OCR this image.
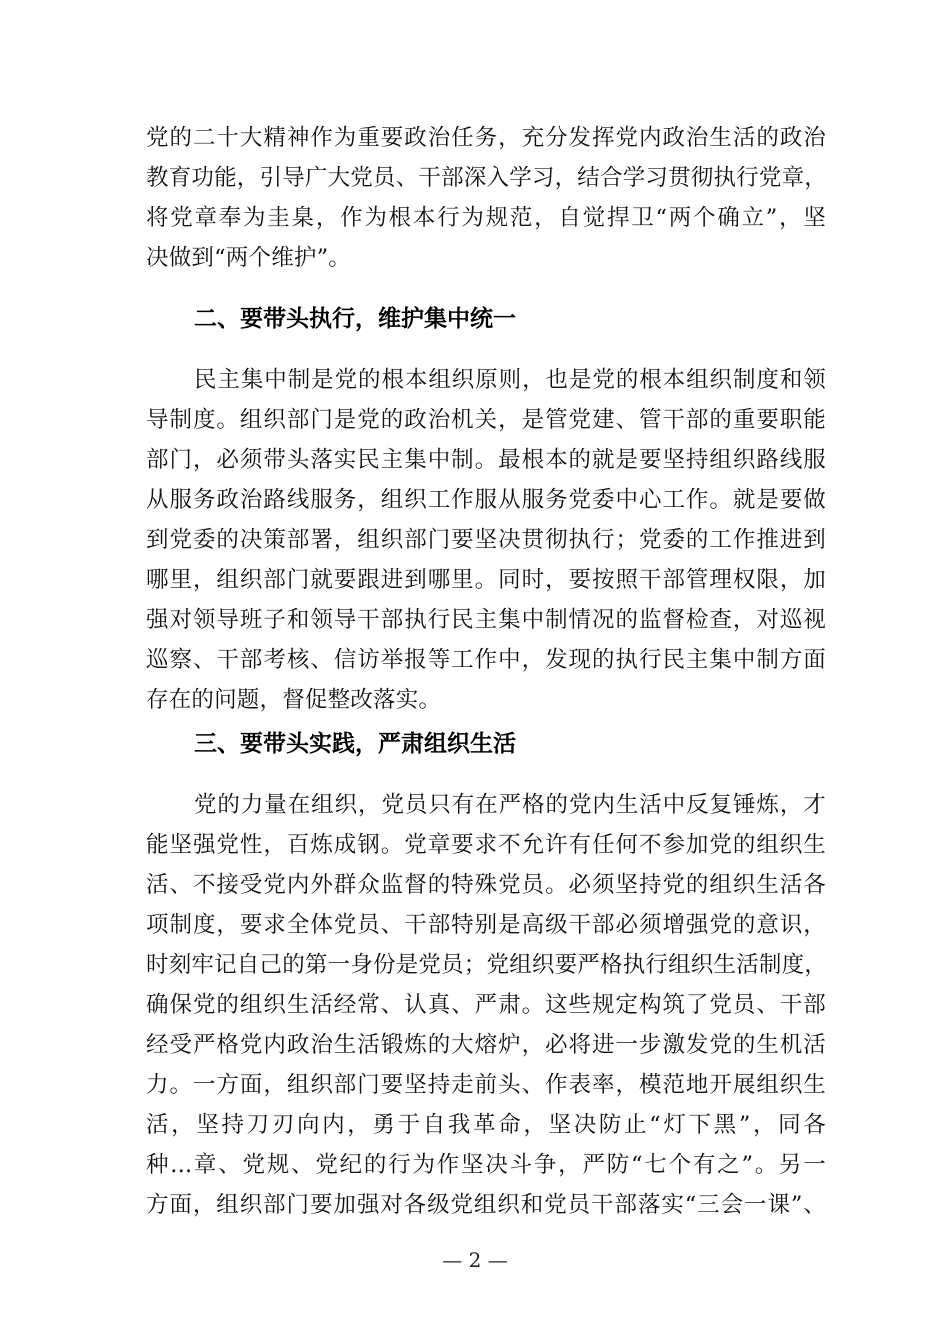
党的二十大精神作为重要政治任务，充分发挥党内政治生活的政治
教育功能，引导广大党员、干部深入学习，结合学习贯彻执行党章，
将党章奉为圭臬，作为根本行为规范，自觉捍卫“两个确立”，坚
决做到“两个维护”。
二、要带头执行，维护集中统一
民主集中制是党的根本组织原则，也是党的根本组织制度和领
导制度。组织部门是党的政治机关，是管党建、管干部的重要职能
部门，必须带头落实民主集中制。最根本的就是要坚持组织路线服
从服务政治路线服务，组织工作服从服务党委中心工作。就是要做
到党委的决策部署，组织部门要坚决贯彻执行；党委的工作推进到
哪里，组织部门就要跟进到哪里。同时，要按照干部管理权限，加
强对领导班子和领导干部执行民主集中制情况的监督检查，对巡视
巡察、干部考核、信访举报等工作中，发现的执行民主集中制方面
存在的问题，督促整改落实。
三、要带头实践，严肃组织生活
党的力量在组织，党员只有在严格的党内生活中反复锤炼，才
能坚强党性，百炼成钢。党章要求不允许有任何不参加党的组织生
活、不接受党内外群众监督的特殊党员。必须坚持党的组织生活各
项制度，要求全体党员、干部特别是高级干部必须增强党的意识，
时刻牢记自己的第一身份是党员；党组织要严格执行组织生活制度，
确保党的组织生活经常、认真、严肃。这些规定构筑了党员、干部
经受严格党内政治生活锻炼的大熔炉，必将进一步激发党的生机活
力。一方面，组织部门要坚持走前头、作表率，模范地开展组织生
活，坚持刀刃向内，勇于自我革命，坚决防止“灯下黑”，同各
种...章、党规、党纪的行为作坚决斗争，严防“七个有之”。另一
方面，组织部门要加强对各级党组织和党员干部落实“三会一课”、
— 2 —
